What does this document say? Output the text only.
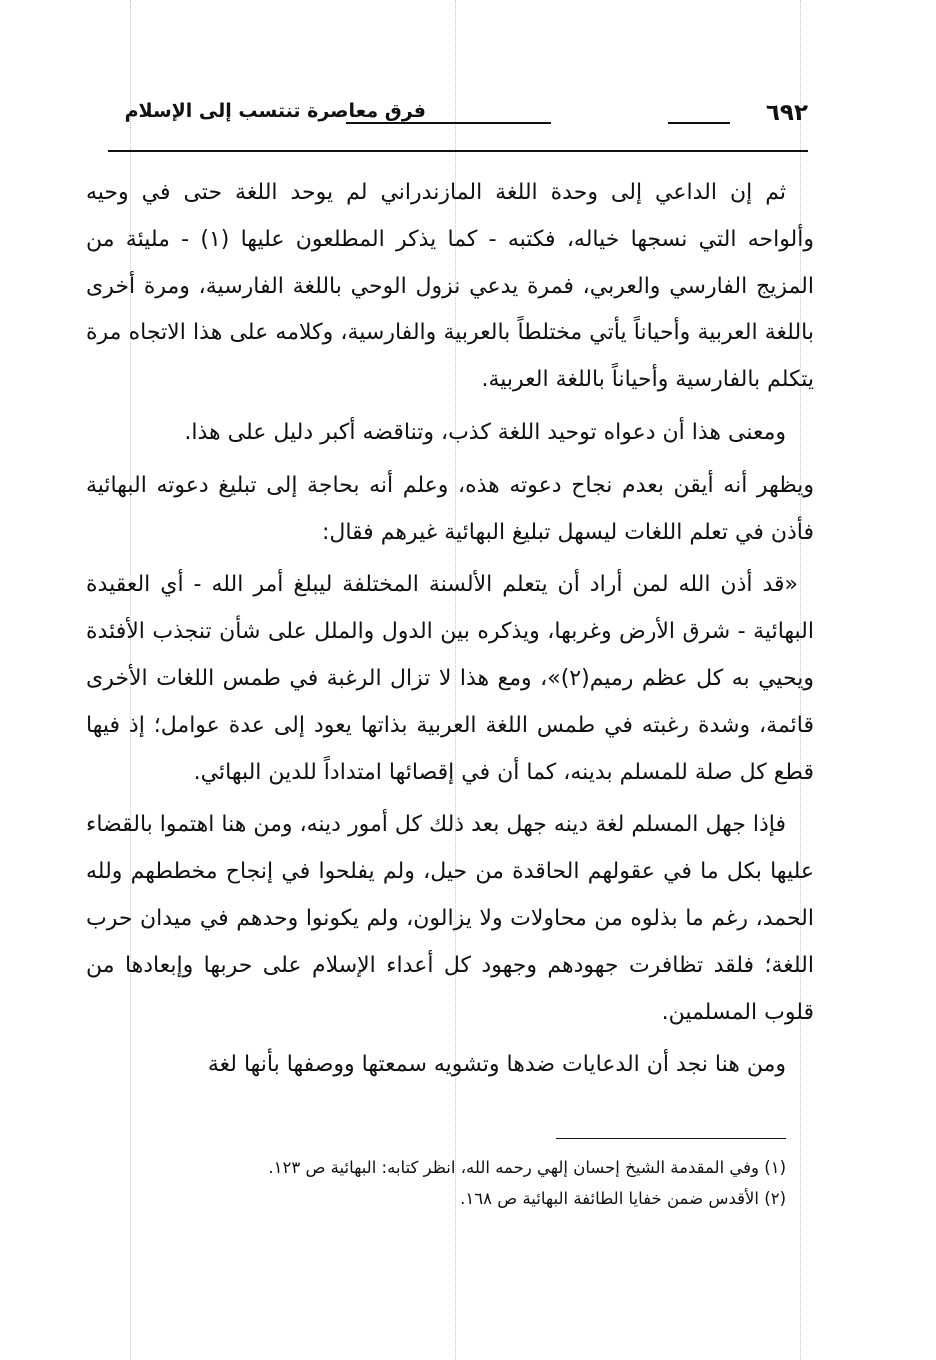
فرق معاصرة تنتسب إلى الإسلام	٦٩٢

ثم إن الداعي إلى وحدة اللغة المازندراني لم يوحد اللغة حتى في وحيه وألواحه التي نسجها خياله، فكتبه - كما يذكر المطلعون عليها (١) - مليئة من المزيج الفارسي والعربي، فمرة يدعي نزول الوحي باللغة الفارسية، ومرة أخرى باللغة العربية وأحياناً يأتي مختلطاً بالعربية والفارسية، وكلامه على هذا الاتجاه مرة يتكلم بالفارسية وأحياناً باللغة العربية.

ومعنى هذا أن دعواه توحيد اللغة كذب، وتناقضه أكبر دليل على هذا.

ويظهر أنه أيقن بعدم نجاح دعوته هذه، وعلم أنه بحاجة إلى تبليغ دعوته البهائية فأذن في تعلم اللغات ليسهل تبليغ البهائية غيرهم فقال:

«قد أذن الله لمن أراد أن يتعلم الألسنة المختلفة ليبلغ أمر الله - أي العقيدة البهائية - شرق الأرض وغربها، ويذكره بين الدول والملل على شأن تنجذب الأفئدة ويحيي به كل عظم رميم(٢)»، ومع هذا لا تزال الرغبة في طمس اللغات الأخرى قائمة، وشدة رغبته في طمس اللغة العربية بذاتها يعود إلى عدة عوامل؛ إذ فيها قطع كل صلة للمسلم بدينه، كما أن في إقصائها امتداداً للدين البهائي.

فإذا جهل المسلم لغة دينه جهل بعد ذلك كل أمور دينه، ومن هنا اهتموا بالقضاء عليها بكل ما في عقولهم الحاقدة من حيل، ولم يفلحوا في إنجاح مخططهم ولله الحمد، رغم ما بذلوه من محاولات ولا يزالون، ولم يكونوا وحدهم في ميدان حرب اللغة؛ فلقد تظافرت جهودهم وجهود كل أعداء الإسلام على حربها وإبعادها من قلوب المسلمين.

ومن هنا نجد أن الدعايات ضدها وتشويه سمعتها ووصفها بأنها لغة

(١) وفي المقدمة الشيخ إحسان إلهي رحمه الله، انظر كتابه: البهائية ص ١٢٣.

(٢) الأقدس ضمن خفايا الطائفة البهائية ص ١٦٨.
